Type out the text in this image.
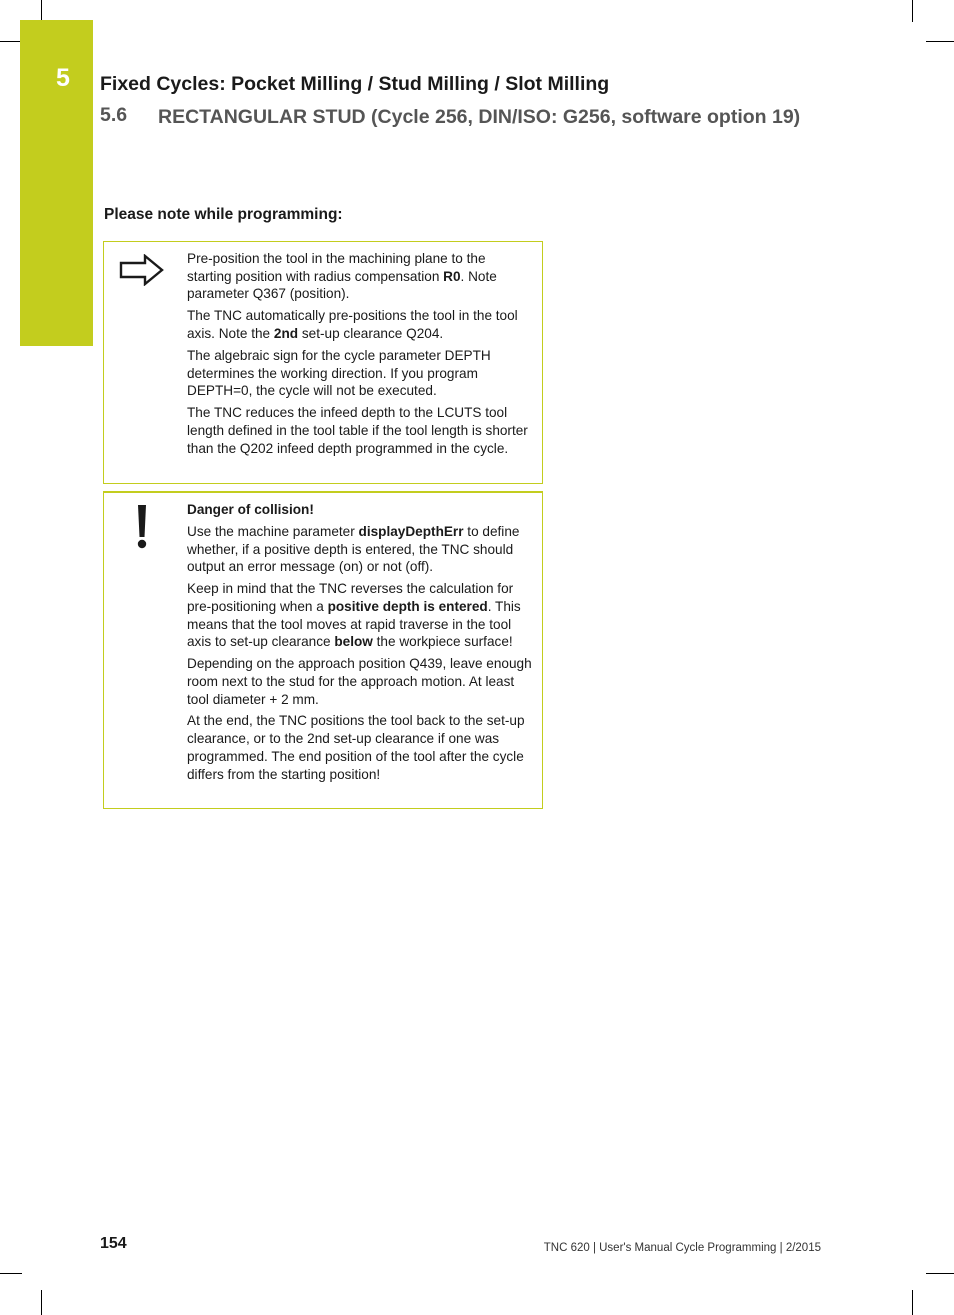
5 Fixed Cycles: Pocket Milling / Stud Milling / Slot Milling
5.6 RECTANGULAR STUD (Cycle 256, DIN/ISO: G256, software option 19)
Please note while programming:

Pre-position the tool in the machining plane to the starting position with radius compensation R0. Note parameter Q367 (position).

The TNC automatically pre-positions the tool in the tool axis. Note the 2nd set-up clearance Q204.

The algebraic sign for the cycle parameter DEPTH determines the working direction. If you program DEPTH=0, the cycle will not be executed.

The TNC reduces the infeed depth to the LCUTS tool length defined in the tool table if the tool length is shorter than the Q202 infeed depth programmed in the cycle.

Danger of collision!

Use the machine parameter displayDepthErr to define whether, if a positive depth is entered, the TNC should output an error message (on) or not (off).

Keep in mind that the TNC reverses the calculation for pre-positioning when a positive depth is entered. This means that the tool moves at rapid traverse in the tool axis to set-up clearance below the workpiece surface!

Depending on the approach position Q439, leave enough room next to the stud for the approach motion. At least tool diameter + 2 mm.

At the end, the TNC positions the tool back to the set-up clearance, or to the 2nd set-up clearance if one was programmed. The end position of the tool after the cycle differs from the starting position!

154	TNC 620 | User's Manual Cycle Programming | 2/2015
